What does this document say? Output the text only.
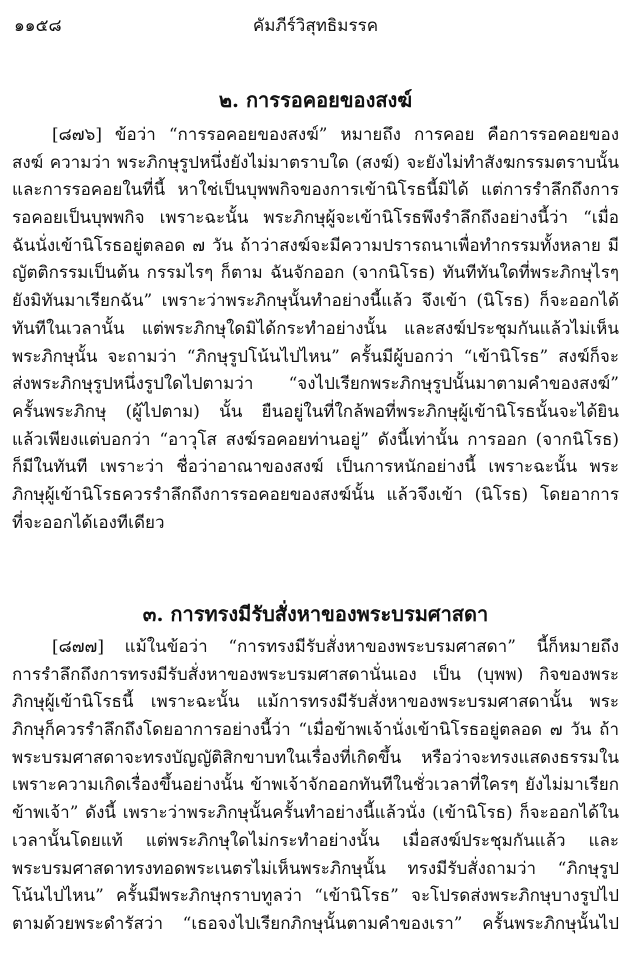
๑๑๕๘	คัมภีร์วิสุทธิมรรค
๒. การรอคอยของสงฆ์
[๘๗๖] ข้อว่า “การรอคอยของสงฆ์” หมายถึง การคอย คือการรอคอยของ
สงฆ์ ความว่า พระภิกษุรูปหนึ่งยังไม่มาตราบใด (สงฆ์) จะยังไม่ทำสังฆกรรมตราบนั้น
และการรอคอยในที่นี้ หาใช่เป็นบุพพกิจของการเข้านิโรธนี้มิได้ แต่การรำลึกถึงการ
รอคอยเป็นบุพพกิจ เพราะฉะนั้น พระภิกษุผู้จะเข้านิโรธพึงรำลึกถึงอย่างนี้ว่า “เมื่อ
ฉันนั่งเข้านิโรธอยู่ตลอด ๗ วัน ถ้าว่าสงฆ์จะมีความปรารถนาเพื่อทำกรรมทั้งหลาย มี
ญัตติกรรมเป็นต้น กรรมไรๆ ก็ตาม ฉันจักออก (จากนิโรธ) ทันทีทันใดที่พระภิกษุไรๆ
ยังมิทันมาเรียกฉัน” เพราะว่าพระภิกษุนั้นทำอย่างนี้แล้ว จึงเข้า (นิโรธ) ก็จะออกได้
ทันทีในเวลานั้น แต่พระภิกษุใดมิได้กระทำอย่างนั้น และสงฆ์ประชุมกันแล้วไม่เห็น
พระภิกษุนั้น จะถามว่า “ภิกษุรูปโน้นไปไหน” ครั้นมีผู้บอกว่า “เข้านิโรธ” สงฆ์ก็จะ
ส่งพระภิกษุรูปหนึ่งรูปใดไปตามว่า “จงไปเรียกพระภิกษุรูปนั้นมาตามคำของสงฆ์”
ครั้นพระภิกษุ (ผู้ไปตาม) นั้น ยืนอยู่ในที่ใกล้พอที่พระภิกษุผู้เข้านิโรธนั้นจะได้ยิน
แล้วเพียงแต่บอกว่า “อาวุโส สงฆ์รอคอยท่านอยู่” ดังนี้เท่านั้น การออก (จากนิโรธ)
ก็มีในทันที เพราะว่า ชื่อว่าอาณาของสงฆ์ เป็นการหนักอย่างนี้ เพราะฉะนั้น พระ
ภิกษุผู้เข้านิโรธควรรำลึกถึงการรอคอยของสงฆ์นั้น แล้วจึงเข้า (นิโรธ) โดยอาการ
ที่จะออกได้เองทีเดียว
๓. การทรงมีรับสั่งหาของพระบรมศาสดา
[๘๗๗] แม้ในข้อว่า “การทรงมีรับสั่งหาของพระบรมศาสดา” นี้ก็หมายถึง
การรำลึกถึงการทรงมีรับสั่งหาของพระบรมศาสดานั่นเอง เป็น (บุพพ) กิจของพระ
ภิกษุผู้เข้านิโรธนี้ เพราะฉะนั้น แม้การทรงมีรับสั่งหาของพระบรมศาสดานั้น พระ
ภิกษุก็ควรรำลึกถึงโดยอาการอย่างนี้ว่า “เมื่อข้าพเจ้านั่งเข้านิโรธอยู่ตลอด ๗ วัน ถ้า
พระบรมศาสดาจะทรงบัญญัติสิกขาบทในเรื่องที่เกิดขึ้น หรือว่าจะทรงแสดงธรรมใน
เพราะความเกิดเรื่องขึ้นอย่างนั้น ข้าพเจ้าจักออกทันทีในชั่วเวลาที่ใครๆ ยังไม่มาเรียก
ข้าพเจ้า” ดังนี้ เพราะว่าพระภิกษุนั้นครั้นทำอย่างนี้แล้วนั่ง (เข้านิโรธ) ก็จะออกได้ใน
เวลานั้นโดยแท้ แต่พระภิกษุใดไม่กระทำอย่างนั้น เมื่อสงฆ์ประชุมกันแล้ว และ
พระบรมศาสดาทรงทอดพระเนตรไม่เห็นพระภิกษุนั้น ทรงมีรับสั่งถามว่า “ภิกษุรูป
โน้นไปไหน” ครั้นมีพระภิกษุกราบทูลว่า “เข้านิโรธ” จะโปรดส่งพระภิกษุบางรูปไป
ตามด้วยพระดำรัสว่า “เธอจงไปเรียกภิกษุนั้นตามคำของเรา” ครั้นพระภิกษุนั้นไป
